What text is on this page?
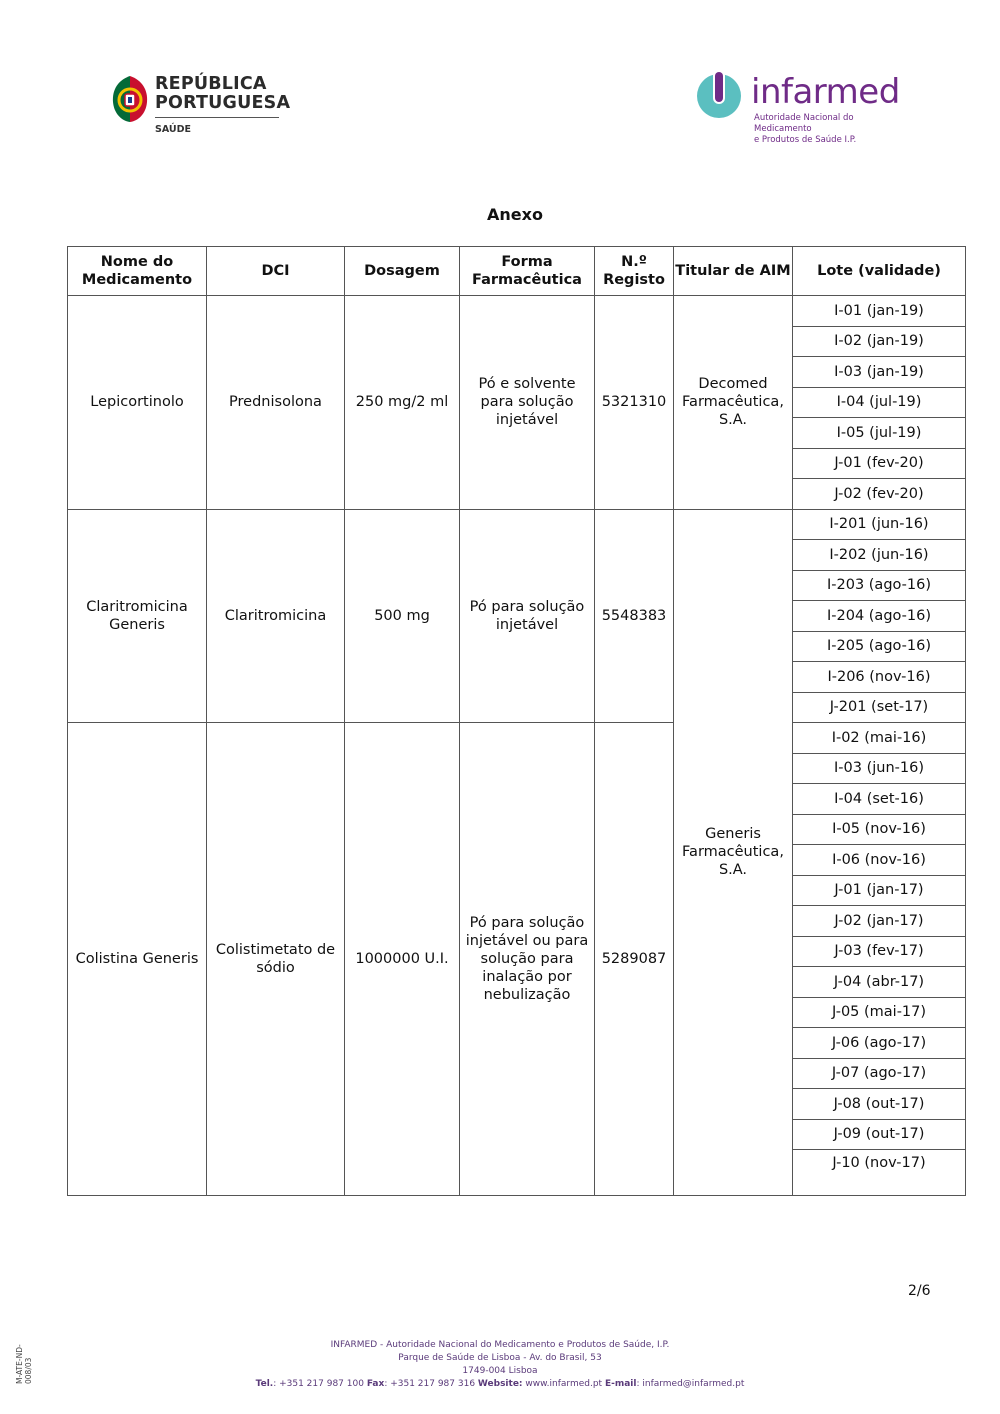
REPÚBLICA
PORTUGUESA
SAÚDE
infarmed
Autoridade Nacional do Medicamento
e Produtos de Saúde I.P.
Anexo
Nome do Medicamento	DCI	Dosagem	Forma Farmacêutica	N.º Registo	Titular de AIM	Lote (validade)
Lepicortinolo	Prednisolona	250 mg/2 ml	Pó e solvente para solução injetável	5321310	Decomed Farmacêutica, S.A.	I-01 (jan-19)
						I-02 (jan-19)
						I-03 (jan-19)
						I-04 (jul-19)
						I-05 (jul-19)
						J-01 (fev-20)
						J-02 (fev-20)
Claritromicina Generis	Claritromicina	500 mg	Pó para solução injetável	5548383	Generis Farmacêutica, S.A.	I-201 (jun-16)
						I-202 (jun-16)
						I-203 (ago-16)
						I-204 (ago-16)
						I-205 (ago-16)
						I-206 (nov-16)
						J-201 (set-17)
Colistina Generis	Colistimetato de sódio	1000000 U.I.	Pó para solução injetável ou para solução para inalação por nebulização	5289087		I-02 (mai-16)
						I-03 (jun-16)
						I-04 (set-16)
						I-05 (nov-16)
						I-06 (nov-16)
						J-01 (jan-17)
						J-02 (jan-17)
						J-03 (fev-17)
						J-04 (abr-17)
						J-05 (mai-17)
						J-06 (ago-17)
						J-07 (ago-17)
						J-08 (out-17)
						J-09 (out-17)
						J-10 (nov-17)
2/6
M-ATE-ND-008/03
INFARMED - Autoridade Nacional do Medicamento e Produtos de Saúde, I.P.
Parque de Saúde de Lisboa - Av. do Brasil, 53
1749-004 Lisboa
Tel.: +351 217 987 100 Fax: +351 217 987 316 Website: www.infarmed.pt E-mail: infarmed@infarmed.pt
